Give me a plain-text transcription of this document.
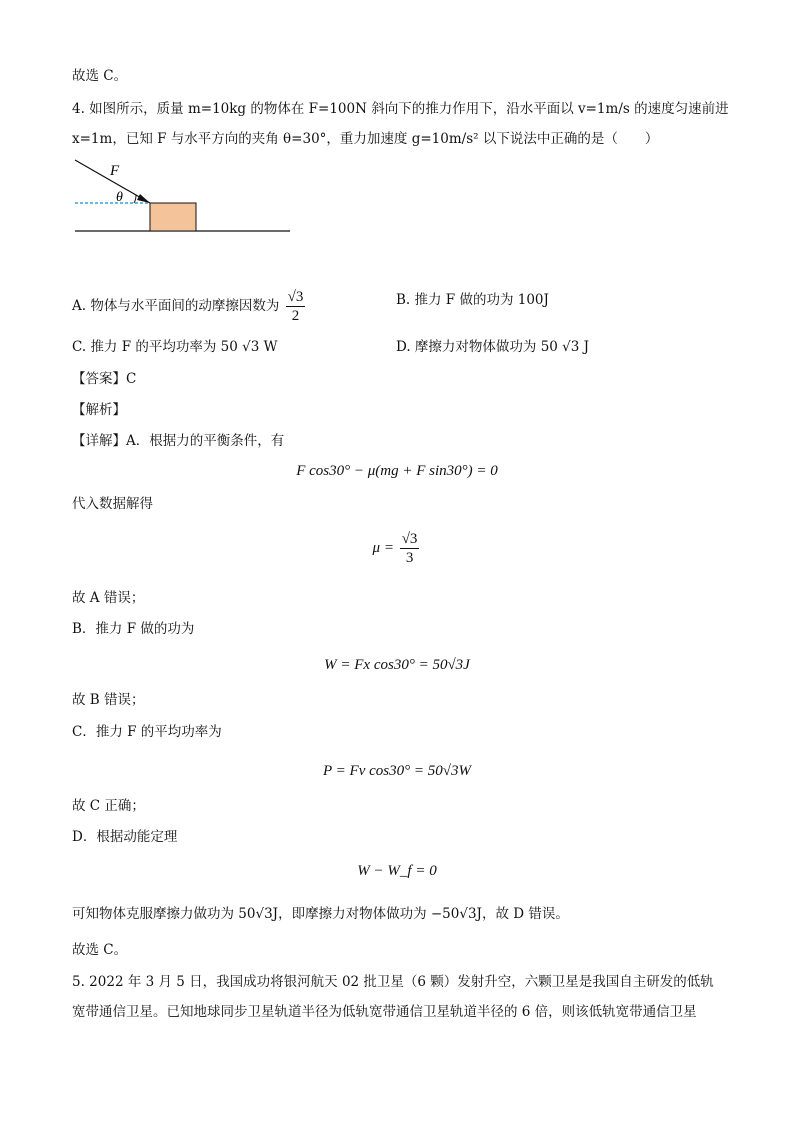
故选 C。
4. 如图所示，质量 m=10kg 的物体在 F=100N 斜向下的推力作用下，沿水平面以 v=1m/s 的速度匀速前进
x=1m，已知 F 与水平方向的夹角 θ=30°，重力加速度 g=10m/s² 以下说法中正确的是（　　）
F
θ
A. 物体与水平面间的动摩擦因数为 $\frac{√3}{2}$	B. 推力 F 做的功为 100J
C. 推力 F 的平均功率为 50 √3 W	D. 摩擦力对物体做功为 50 √3 J
【答案】C
【解析】
【详解】A．根据力的平衡条件，有
F cos30° − μ(mg + F sin30°) = 0
代入数据解得
$\mu = \frac{√3}{3}$
故 A 错误；
B．推力 F 做的功为
W = Fx cos30° = 50√3J
故 B 错误；
C．推力 F 的平均功率为
P = Fv cos30° = 50√3W
故 C 正确；
D．根据动能定理
W − W_f = 0
可知物体克服摩擦力做功为 50√3J，即摩擦力对物体做功为 −50√3J，故 D 错误。
故选 C。
5. 2022 年 3 月 5 日，我国成功将银河航天 02 批卫星（6 颗）发射升空，六颗卫星是我国自主研发的低轨
宽带通信卫星。已知地球同步卫星轨道半径为低轨宽带通信卫星轨道半径的 6 倍，则该低轨宽带通信卫星
